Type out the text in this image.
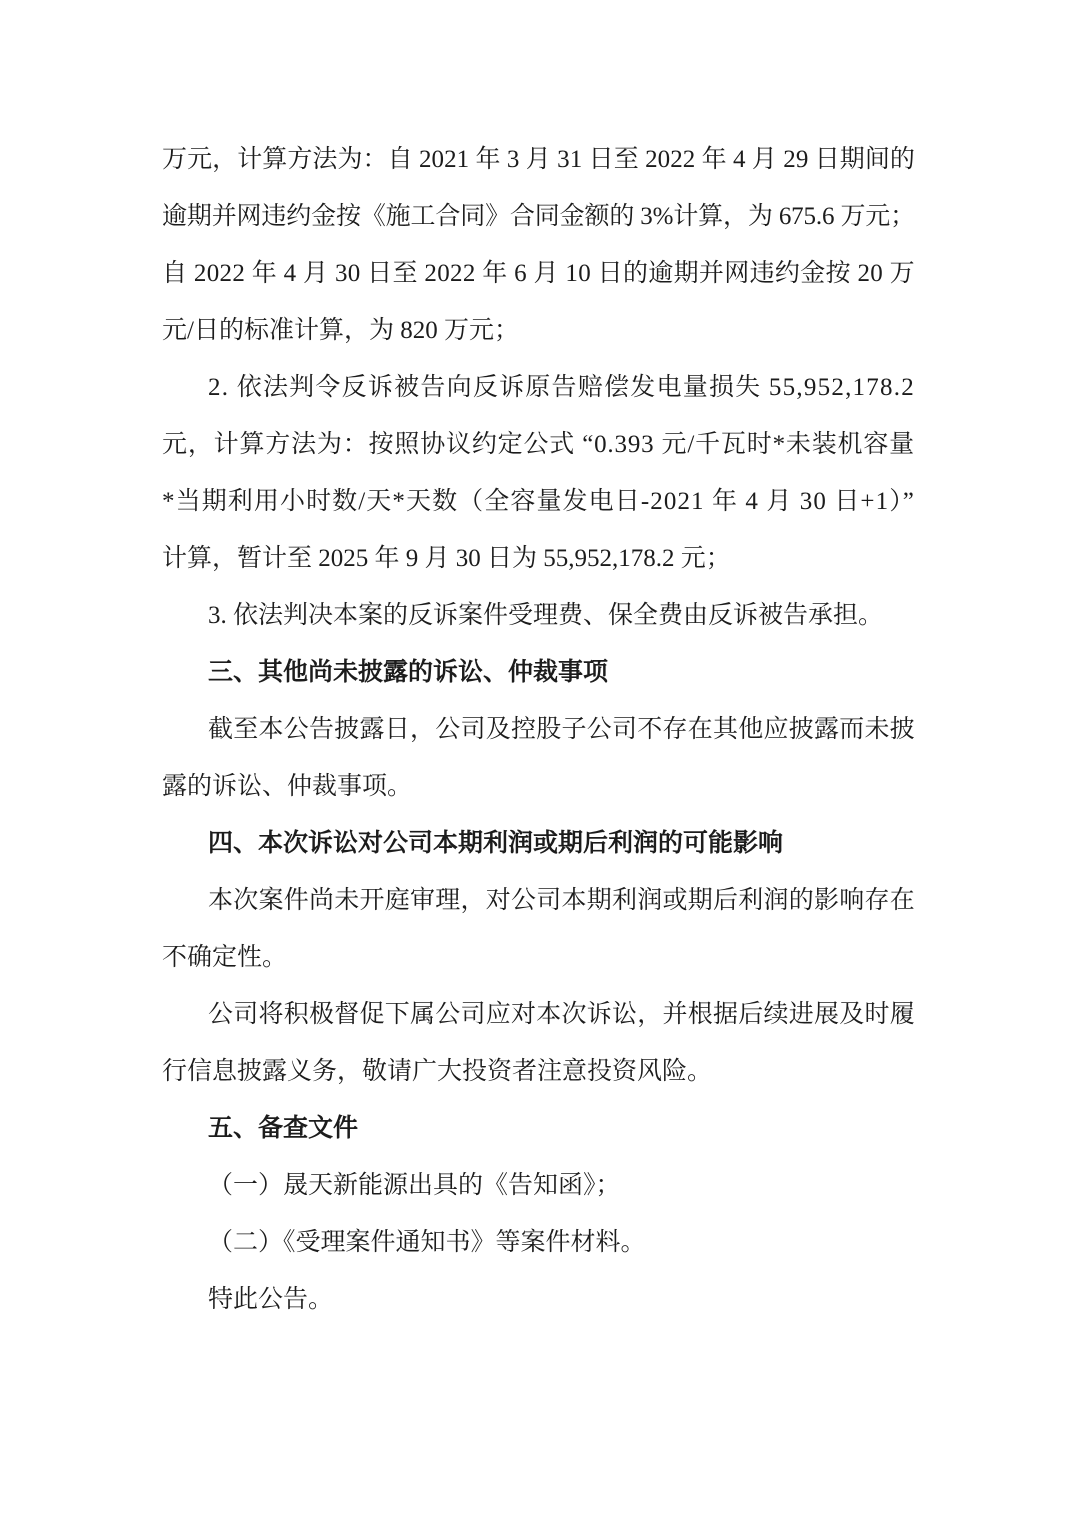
万元，计算方法为：自 2021 年 3 月 31 日至 2022 年 4 月 29 日期间的
逾期并网违约金按《施工合同》合同金额的 3%计算，为 675.6 万元；
自 2022 年 4 月 30 日至 2022 年 6 月 10 日的逾期并网违约金按 20 万
元/日的标准计算，为 820 万元；
2. 依法判令反诉被告向反诉原告赔偿发电量损失 55,952,178.2
元，计算方法为：按照协议约定公式 “0.393 元/千瓦时*未装机容量
*当期利用小时数/天*天数（全容量发电日-2021 年 4 月 30 日+1）”
计算，暂计至 2025 年 9 月 30 日为 55,952,178.2 元；
3. 依法判决本案的反诉案件受理费、保全费由反诉被告承担。
三、其他尚未披露的诉讼、仲裁事项
截至本公告披露日，公司及控股子公司不存在其他应披露而未披
露的诉讼、仲裁事项。
四、本次诉讼对公司本期利润或期后利润的可能影响
本次案件尚未开庭审理，对公司本期利润或期后利润的影响存在
不确定性。
公司将积极督促下属公司应对本次诉讼，并根据后续进展及时履
行信息披露义务，敬请广大投资者注意投资风险。
五、备查文件
（一）晟天新能源出具的《告知函》；
（二）《受理案件通知书》等案件材料。
特此公告。
